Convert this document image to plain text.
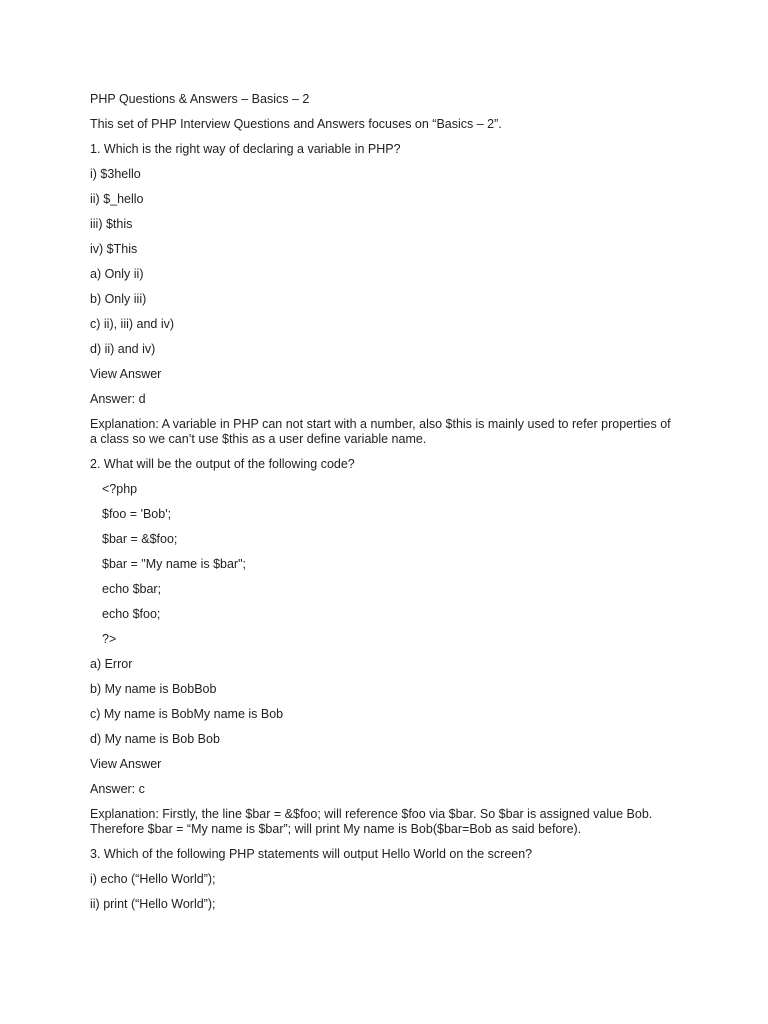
PHP Questions & Answers – Basics – 2
This set of PHP Interview Questions and Answers focuses on “Basics – 2”.
1. Which is the right way of declaring a variable in PHP?
i) $3hello
ii) $_hello
iii) $this
iv) $This
a) Only ii)
b) Only iii)
c) ii), iii) and iv)
d) ii) and iv)
View Answer
Answer: d
Explanation: A variable in PHP can not start with a number, also $this is mainly used to refer properties of a class so we can’t use $this as a user define variable name.
2. What will be the output of the following code?
<?php
$foo = 'Bob';
$bar = &$foo;
$bar = "My name is $bar";
echo $bar;
echo $foo;
?>
a) Error
b) My name is BobBob
c) My name is BobMy name is Bob
d) My name is Bob Bob
View Answer
Answer: c
Explanation: Firstly, the line $bar = &$foo; will reference $foo via $bar. So $bar is assigned value Bob. Therefore $bar = “My name is $bar”; will print My name is Bob($bar=Bob as said before).
3. Which of the following PHP statements will output Hello World on the screen?
i) echo (“Hello World”);
ii) print (“Hello World”);
